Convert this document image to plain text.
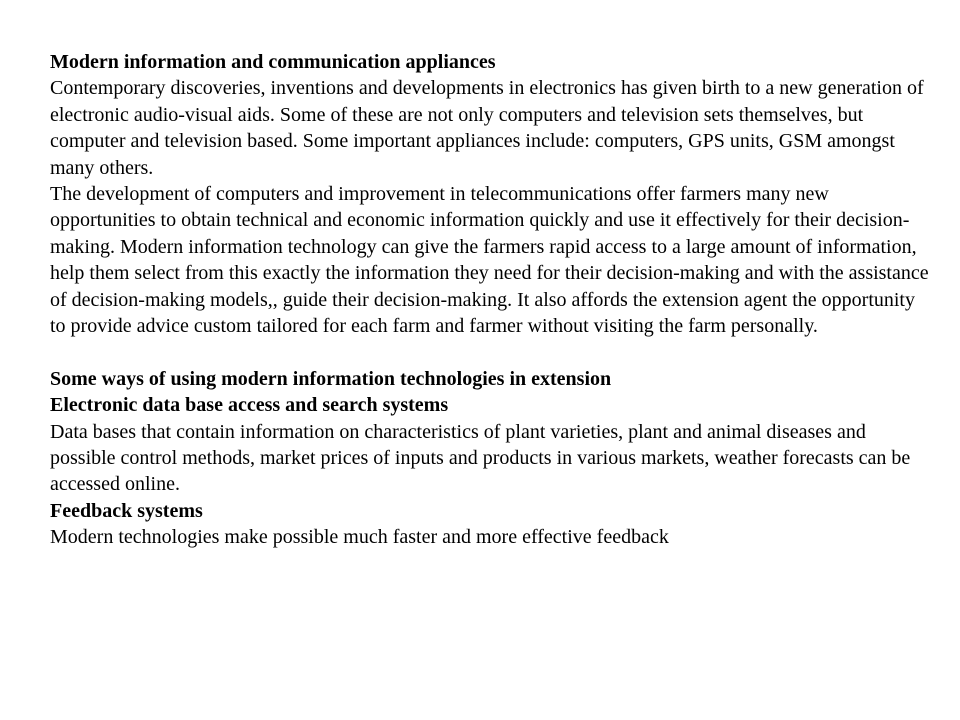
Modern information and communication appliances

Contemporary discoveries, inventions and developments in electronics has given birth to a new generation of electronic audio-visual aids. Some of these are not only computers and television sets themselves, but computer and television based. Some important appliances include: computers, GPS units, GSM amongst many others.

The development of computers and improvement in telecommunications offer farmers many new opportunities to obtain technical and economic information quickly and use it effectively for their decision-making. Modern information technology can give the farmers rapid access to a large amount of information, help them select from this exactly the information they need for their decision-making and with the assistance of decision-making models,, guide their decision-making. It also affords the extension agent the opportunity to provide advice custom tailored for each farm and farmer without visiting the farm personally.

Some ways of using modern information technologies in extension

Electronic data base access and search systems

Data bases that contain information on characteristics of plant varieties, plant and animal diseases and possible control methods, market prices of inputs and products in various markets, weather forecasts can be accessed online.

Feedback systems

Modern technologies make possible much faster and more effective feedback
